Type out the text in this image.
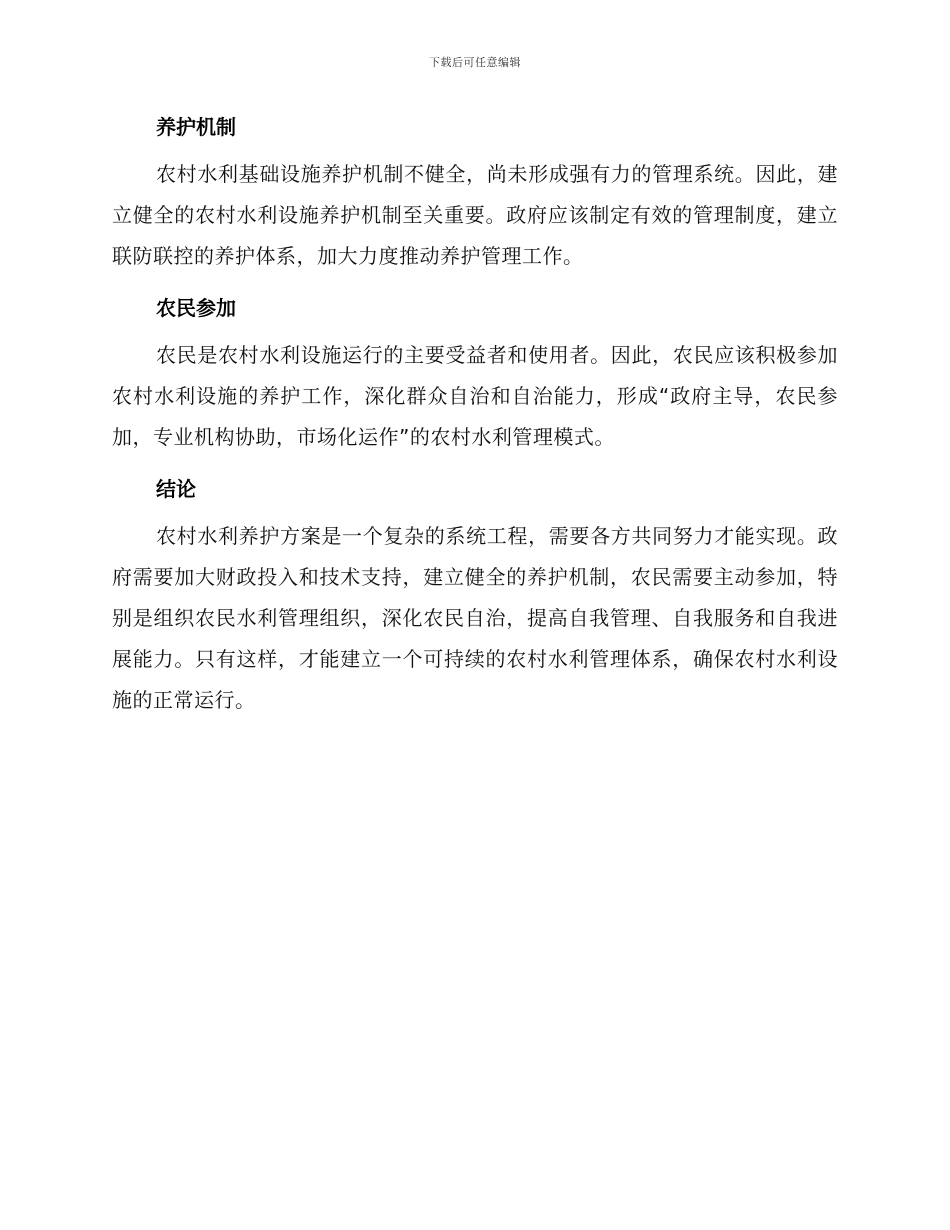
下载后可任意编辑
养护机制

农村水利基础设施养护机制不健全，尚未形成强有力的管理系统。因此，建立健全的农村水利设施养护机制至关重要。政府应该制定有效的管理制度，建立联防联控的养护体系，加大力度推动养护管理工作。

农民参加

农民是农村水利设施运行的主要受益者和使用者。因此，农民应该积极参加农村水利设施的养护工作，深化群众自治和自治能力，形成“政府主导，农民参加，专业机构协助，市场化运作”的农村水利管理模式。

结论

农村水利养护方案是一个复杂的系统工程，需要各方共同努力才能实现。政府需要加大财政投入和技术支持，建立健全的养护机制，农民需要主动参加，特别是组织农民水利管理组织，深化农民自治，提高自我管理、自我服务和自我进展能力。只有这样，才能建立一个可持续的农村水利管理体系，确保农村水利设施的正常运行。
